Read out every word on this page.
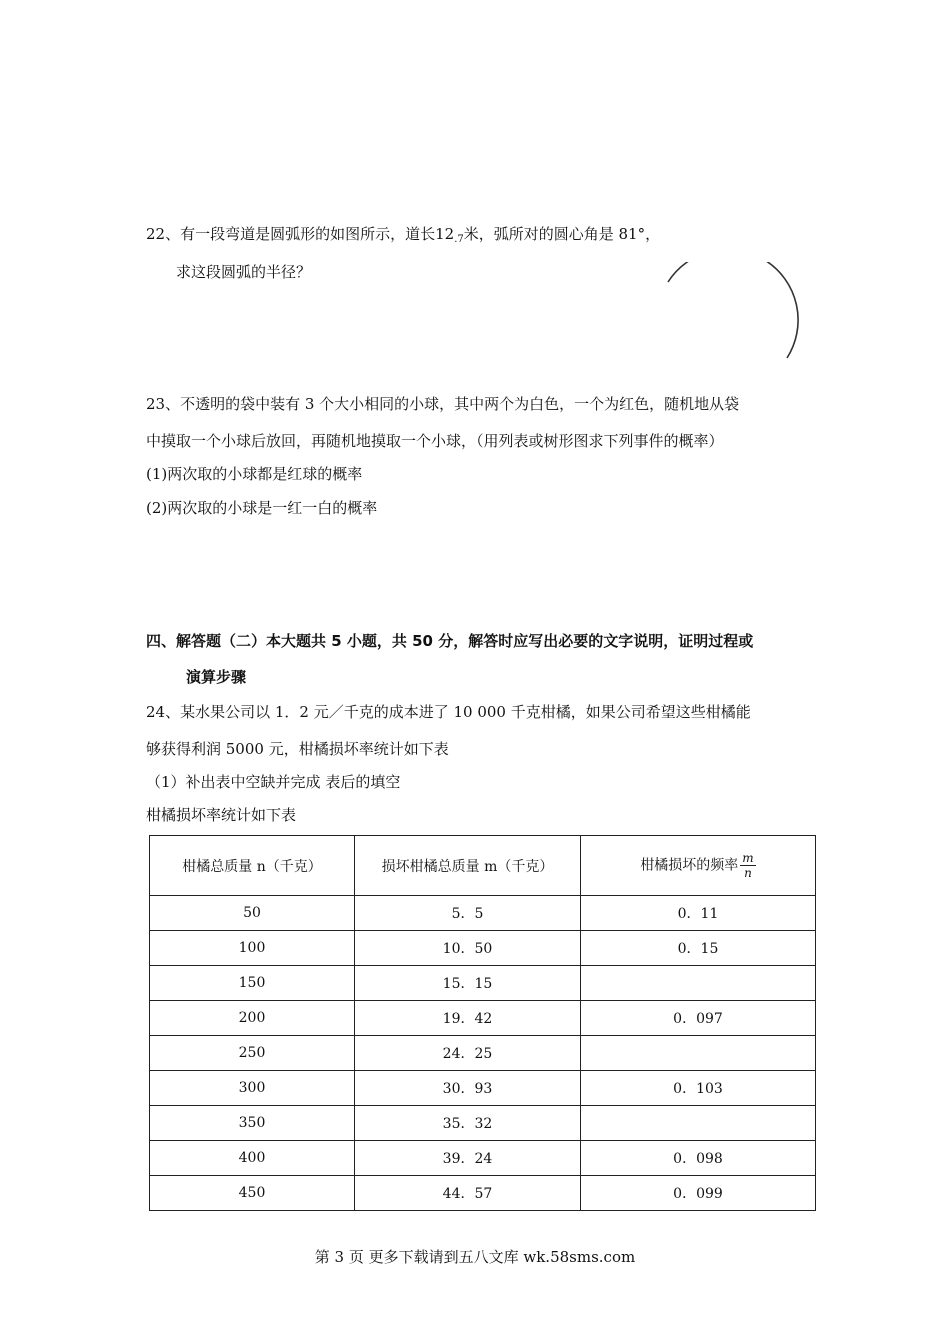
22、有一段弯道是圆弧形的如图所示，道长$12_{.7}$米，弧所对的圆心角是 81°，
求这段圆弧的半径？
23、不透明的袋中装有 3 个大小相同的小球，其中两个为白色，一个为红色，随机地从袋
中摸取一个小球后放回，再随机地摸取一个小球，（用列表或树形图求下列事件的概率）
(1)两次取的小球都是红球的概率
(2)两次取的小球是一红一白的概率
四、解答题（二）本大题共 5 小题，共 50 分，解答时应写出必要的文字说明，证明过程或
演算步骤
24、某水果公司以 1．2 元／千克的成本进了 10 000 千克柑橘，如果公司希望这些柑橘能
够获得利润 5000 元，柑橘损坏率统计如下表
（1）补出表中空缺并完成 表后的填空
柑橘损坏率统计如下表
柑橘总质量 n（千克）	损坏柑橘总质量 m（千克）	柑橘损坏的频率 $\frac{m}{n}$

50	5．5	0．11
100	10．50	0．15
150	15．15	
200	19．42	0．097
250	24．25	
300	30．93	0．103
350	35．32	
400	39．24	0．098
450	44．57	0．099
第 3 页 更多下载请到五八文库 wk.58sms.com
